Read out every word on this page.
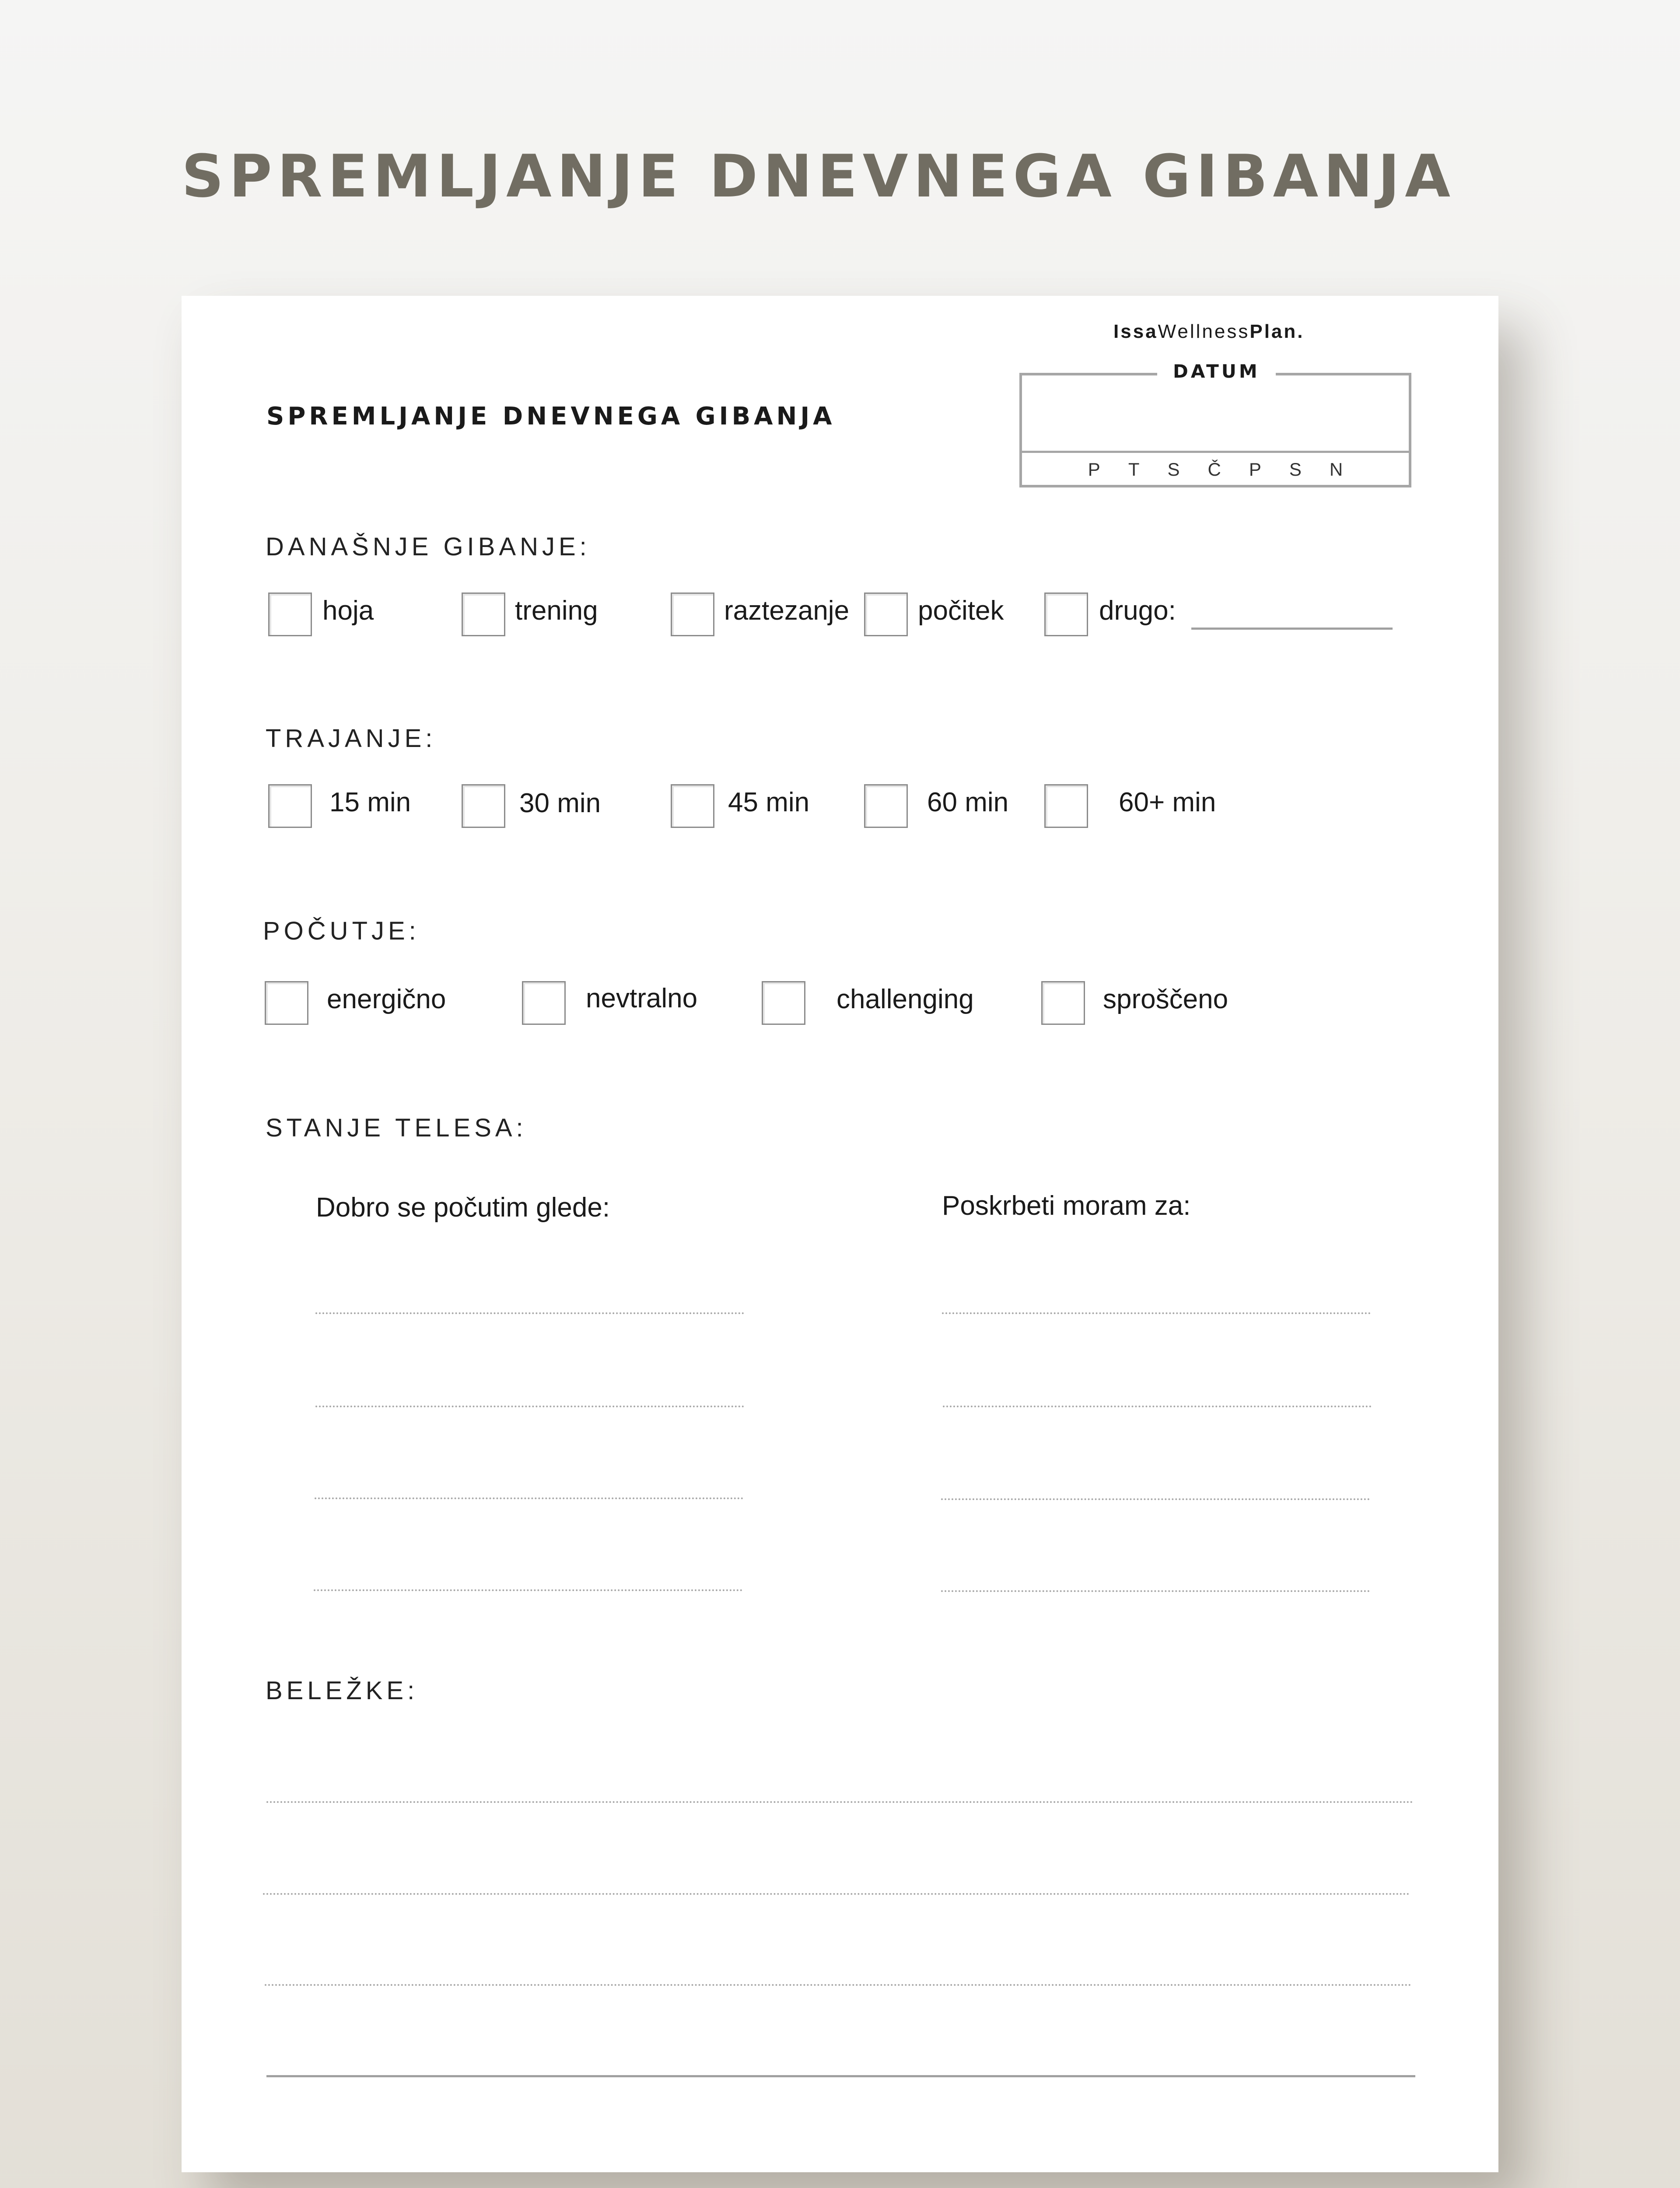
SPREMLJANJE DNEVNEGA GIBANJA
IssaWellnessPlan.
SPREMLJANJE DNEVNEGA GIBANJA
DATUM
P T S Č P S N
DANAŠNJE GIBANJE:
hoja	trening	raztezanje	počitek	drugo:
TRAJANJE:
15 min	30 min	45 min	60 min	60+ min
POČUTJE:
energično	nevtralno	challenging	sproščeno
STANJE TELESA:
Dobro se počutim glede:	Poskrbeti moram za:
BELEŽKE:
